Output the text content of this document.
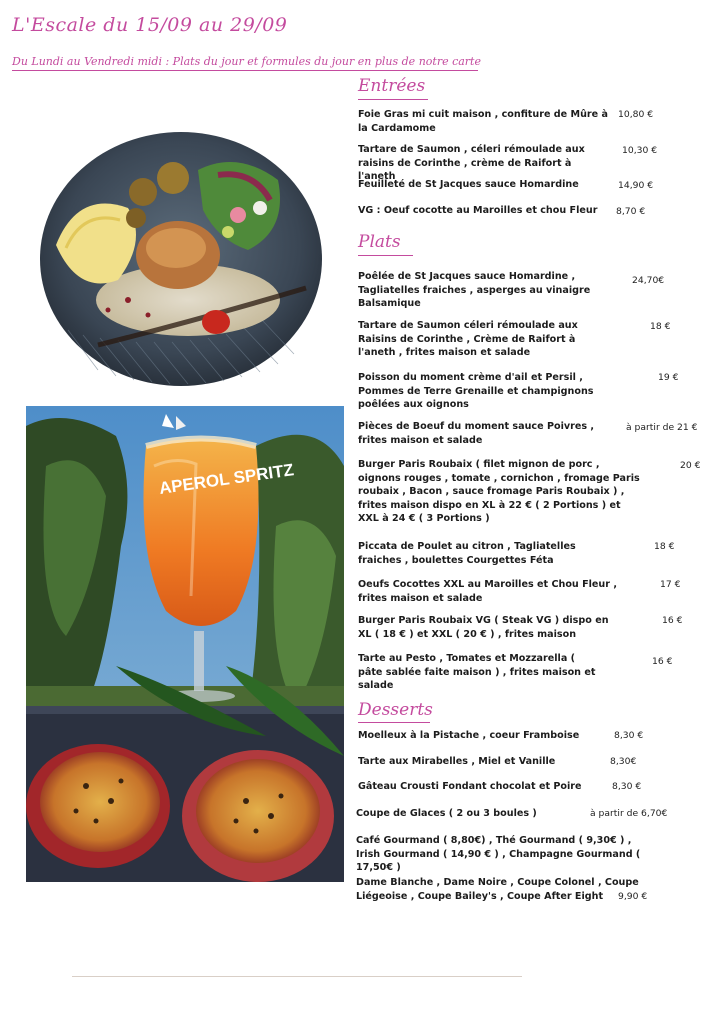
L'Escale du 15/09 au 29/09
Du Lundi au Vendredi midi : Plats du jour et formules du jour en plus de notre carte
APEROL SPRITZ
Entrées
Foie Gras mi cuit maison , confiture de Mûre à la Cardamome
10,80 €
Tartare de Saumon , céleri rémoulade aux raisins de Corinthe , crème de Raifort à l'aneth
10,30 €
Feuilleté de St Jacques sauce Homardine	14,90 €
VG : Oeuf cocotte au Maroilles et chou Fleur	8,70 €
Plats
Poêlée de St Jacques sauce Homardine , Tagliatelles fraiches , asperges au vinaigre Balsamique
24,70€
Tartare de Saumon céleri rémoulade aux Raisins de Corinthe , Crème de Raifort à l'aneth , frites maison et salade
18 €
Poisson du moment crème d'ail et Persil , Pommes de Terre Grenaille et champignons poêlées aux oignons
19 €
Pièces de Boeuf du moment sauce Poivres , frites maison et salade
à partir de 21 €
Burger Paris Roubaix ( filet mignon de porc , oignons rouges , tomate , cornichon , fromage Paris roubaix , Bacon , sauce fromage Paris Roubaix ) , frites maison dispo en XL à 22 € ( 2 Portions ) et XXL à 24 € ( 3 Portions )
20 €
Piccata de Poulet au citron , Tagliatelles fraiches , boulettes Courgettes Féta
18 €
Oeufs Cocottes XXL au Maroilles et Chou Fleur , frites maison et salade
17 €
Burger Paris Roubaix VG ( Steak VG ) dispo en XL ( 18 € ) et XXL ( 20 € ) , frites maison
16 €
Tarte au Pesto , Tomates et Mozzarella ( pâte sablée faite maison ) , frites maison et salade
16 €
Desserts
Moelleux à la Pistache , coeur Framboise	8,30 €
Tarte aux Mirabelles , Miel et Vanille	8,30€
Gâteau Crousti Fondant chocolat et Poire	8,30 €
Coupe de Glaces ( 2 ou 3 boules )	à partir de 6,70€
Café Gourmand ( 8,80€) , Thé Gourmand ( 9,30€ ) , Irish Gourmand ( 14,90 € ) , Champagne Gourmand ( 17,50€ )
Dame Blanche , Dame Noire , Coupe Colonel , Coupe Liégeoise , Coupe Bailey's , Coupe After Eight	9,90 €
